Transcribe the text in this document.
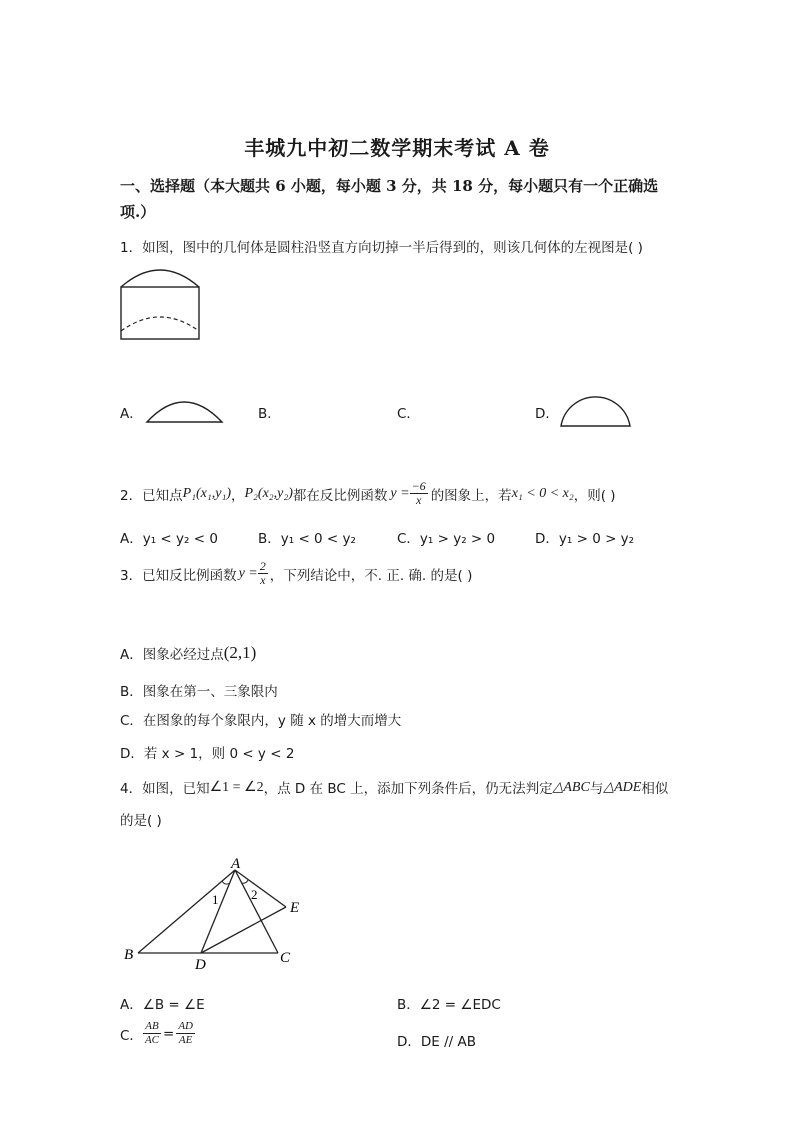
丰城九中初二数学期末考试 A 卷
一、选择题（本大题共 6 小题，每小题 3 分，共 18 分，每小题只有一个正确选
项.）
1．如图，图中的几何体是圆柱沿竖直方向切掉一半后得到的，则该几何体的左视图是( )
A．	B．	C．	D．
2．已知点 P₁(x₁,y₁) ， P₂(x₂,y₂) 都在反比例函数 $y = \frac{-6}{x}$ 的图象上，若 x₁ < 0 < x₂ ，则( )
A．y₁ < y₂ < 0	B．y₁ < 0 < y₂	C．y₁ > y₂ > 0	D．y₁ > 0 > y₂
3．已知反比例函数 $y = \frac{2}{x}$ ，下列结论中，不. 正. 确. 的是( )
A．图象必经过点 (2,1)
B．图象在第一、三象限内
C．在图象的每个象限内，y 随 x 的增大而增大
D．若 x > 1，则 0 < y < 2
4．如图，已知 ∠1 = ∠2 ，点 D 在 BC 上，添加下列条件后，仍无法判定 △ABC 与 △ADE 相似
的是( )
A
B	C
D
E
1	2
A．∠B = ∠E	B．∠2 = ∠EDC
C． $\frac{AB}{AC} = \frac{AD}{AE}$	D．DE // AB
